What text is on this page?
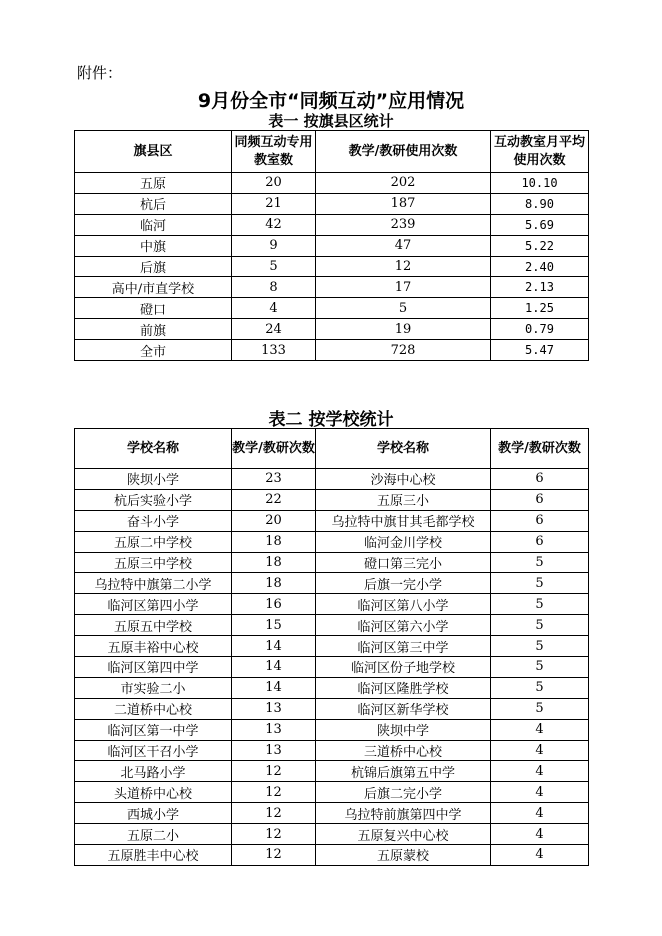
附件：
9月份全市“同频互动”应用情况
表一 按旗县区统计
旗县区	同频互动专用教室数	教学/教研使用次数	互动教室月平均使用次数
五原	20	202	10.10
杭后	21	187	8.90
临河	42	239	5.69
中旗	9	47	5.22
后旗	5	12	2.40
高中/市直学校	8	17	2.13
磴口	4	5	1.25
前旗	24	19	0.79
全市	133	728	5.47
表二 按学校统计
学校名称	教学/教研次数	学校名称	教学/教研次数
陕坝小学	23	沙海中心校	6
杭后实验小学	22	五原三小	6
奋斗小学	20	乌拉特中旗甘其毛都学校	6
五原二中学校	18	临河金川学校	6
五原三中学校	18	磴口第三完小	5
乌拉特中旗第二小学	18	后旗一完小学	5
临河区第四小学	16	临河区第八小学	5
五原五中学校	15	临河区第六小学	5
五原丰裕中心校	14	临河区第三中学	5
临河区第四中学	14	临河区份子地学校	5
市实验二小	14	临河区隆胜学校	5
二道桥中心校	13	临河区新华学校	5
临河区第一中学	13	陕坝中学	4
临河区干召小学	13	三道桥中心校	4
北马路小学	12	杭锦后旗第五中学	4
头道桥中心校	12	后旗二完小学	4
西城小学	12	乌拉特前旗第四中学	4
五原二小	12	五原复兴中心校	4
五原胜丰中心校	12	五原蒙校	4
